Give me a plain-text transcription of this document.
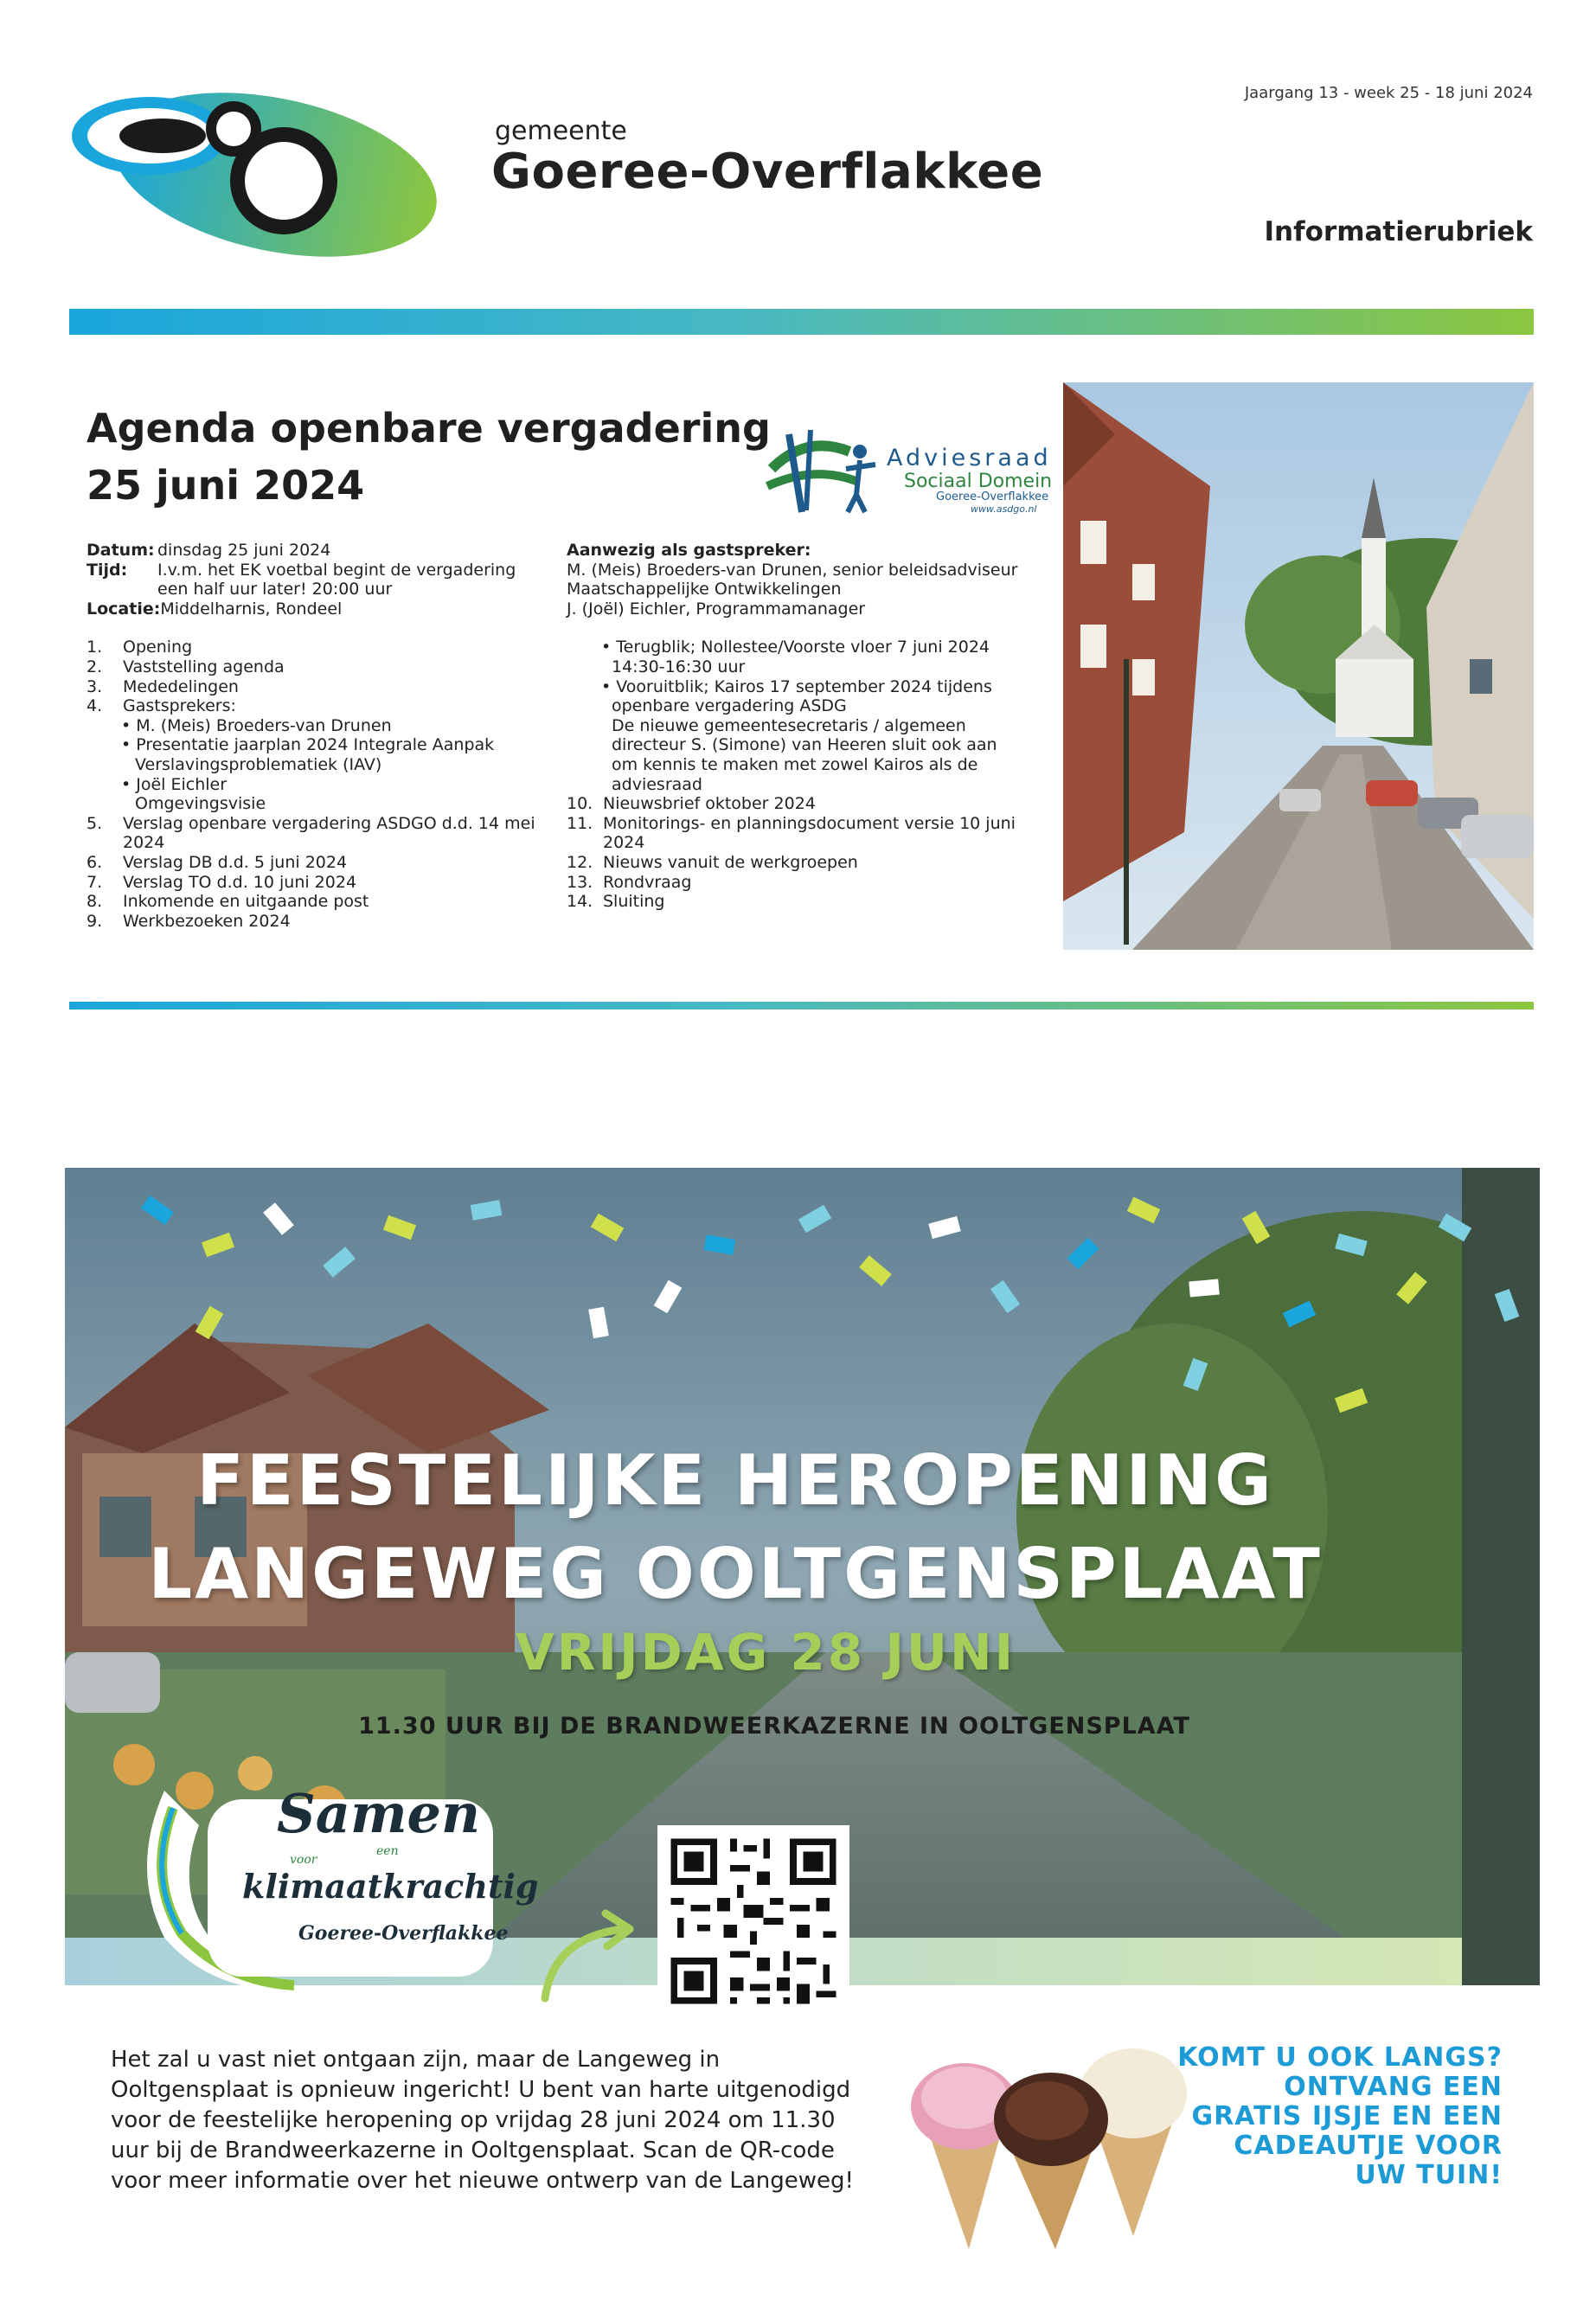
gemeente
Goeree-Overflakkee
Jaargang 13 - week 25 - 18 juni 2024
Informatierubriek
Agenda openbare vergadering
25 juni 2024
Adviesraad
Sociaal Domein
Goeree-Overflakkee
www.asdgo.nl
Datum: dinsdag 25 juni 2024
Tijd:	I.v.m. het EK voetbal begint de vergadering een half uur later! 20:00 uur
Locatie: Middelharnis, Rondeel
1.	Opening
2.	Vaststelling agenda
3.	Mededelingen
4.	Gastsprekers:
• M. (Meis) Broeders-van Drunen
• Presentatie jaarplan 2024 Integrale Aanpak
Verslavingsproblematiek (IAV)
• Joël Eichler
Omgevingsvisie
5.	Verslag openbare vergadering ASDGO d.d. 14 mei 2024
6.	Verslag DB d.d. 5 juni 2024
7.	Verslag TO d.d. 10 juni 2024
8.	Inkomende en uitgaande post
9.	Werkbezoeken 2024
Aanwezig als gastspreker:
M. (Meis) Broeders-van Drunen, senior beleidsadviseur
Maatschappelijke Ontwikkelingen
J. (Joël) Eichler, Programmamanager
• Terugblik; Nollestee/Voorste vloer 7 juni 2024
14:30-16:30 uur
• Vooruitblik; Kairos 17 september 2024 tijdens
openbare vergadering ASDG
De nieuwe gemeentesecretaris / algemeen
directeur S. (Simone) van Heeren sluit ook aan
om kennis te maken met zowel Kairos als de
adviesraad
10. Nieuwsbrief oktober 2024
11. Monitorings- en planningsdocument versie 10 juni 2024
12. Nieuws vanuit de werkgroepen
13. Rondvraag
14. Sluiting
FEESTELIJKE HEROPENING
LANGEWEG OOLTGENSPLAAT
VRIJDAG 28 JUNI
11.30 UUR BIJ DE BRANDWEERKAZERNE IN OOLTGENSPLAAT
Samen
voor
een
klimaatkrachtig
Goeree-Overflakkee
Het zal u vast niet ontgaan zijn, maar de Langeweg in Ooltgensplaat is opnieuw ingericht! U bent van harte uitgenodigd voor de feestelijke heropening op vrijdag 28 juni 2024 om 11.30 uur bij de Brandweerkazerne in Ooltgensplaat. Scan de QR-code voor meer informatie over het nieuwe ontwerp van de Langeweg!
KOMT U OOK LANGS?
ONTVANG EEN
GRATIS IJSJE EN EEN
CADEAUTJE VOOR
UW TUIN!
